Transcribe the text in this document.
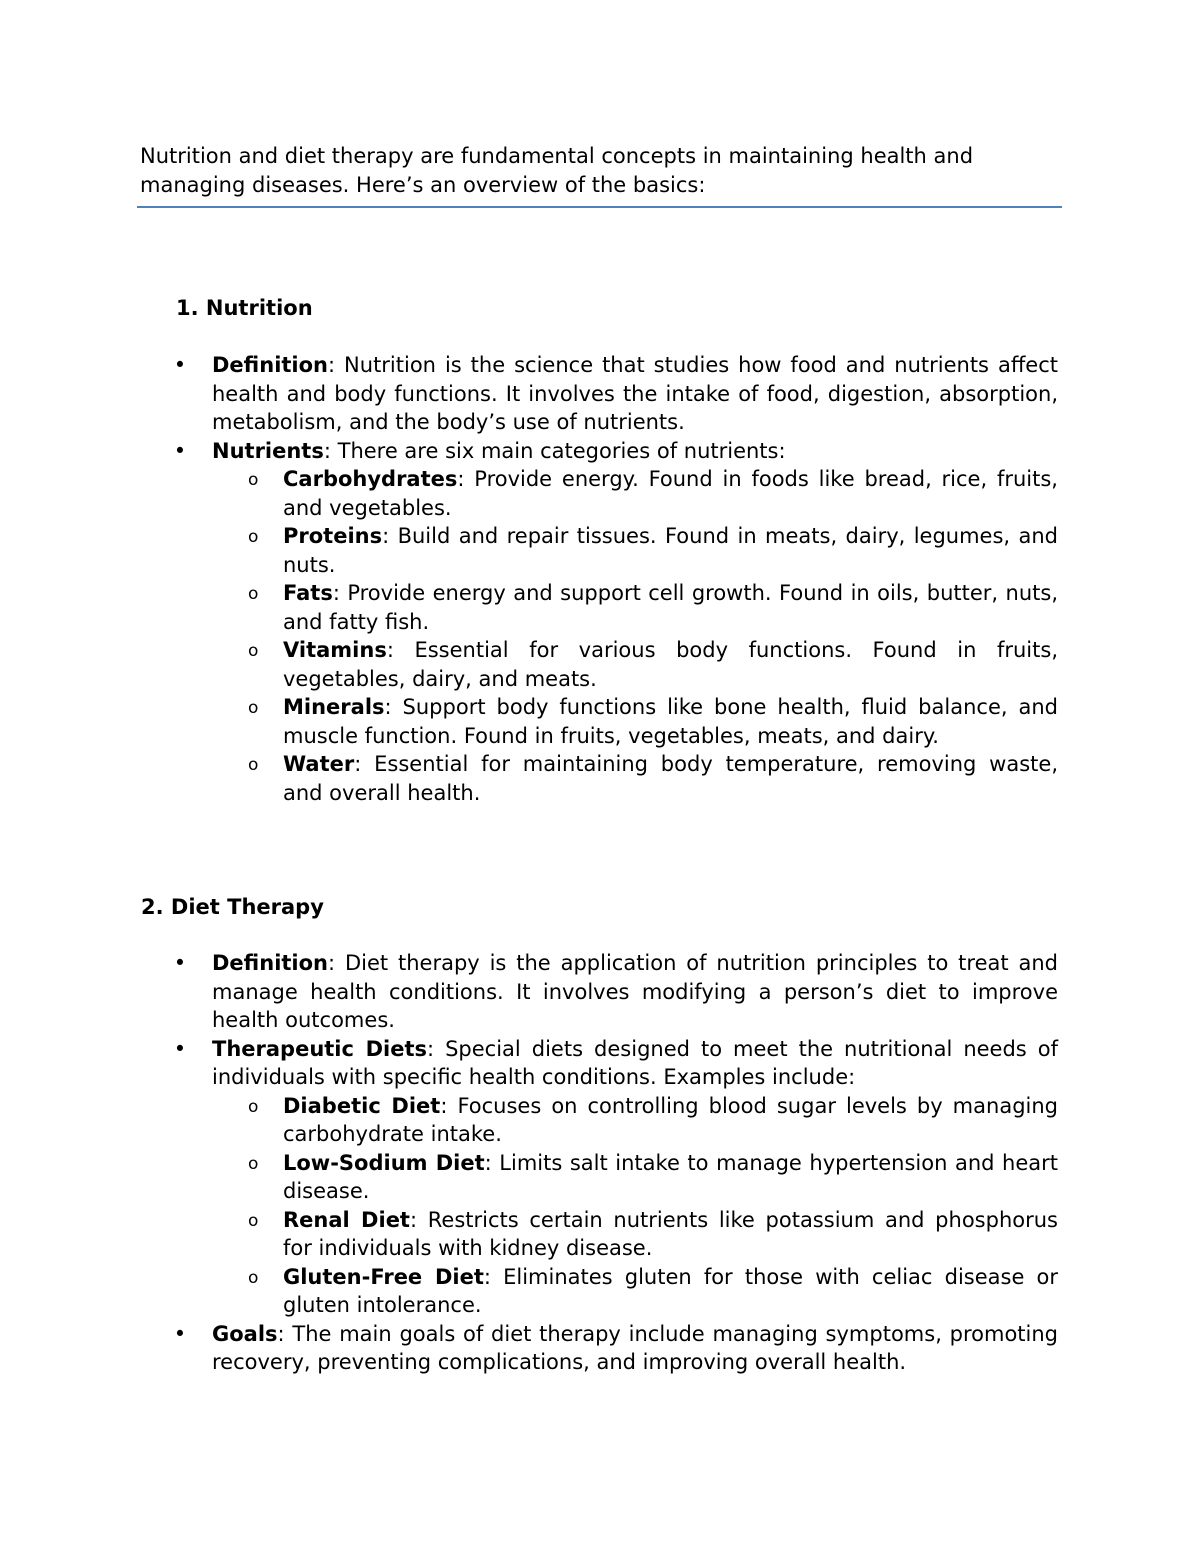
Nutrition and diet therapy are fundamental concepts in maintaining health and managing diseases. Here’s an overview of the basics:

1. Nutrition
• Definition: Nutrition is the science that studies how food and nutrients affect health and body functions. It involves the intake of food, digestion, absorption, metabolism, and the body’s use of nutrients.
• Nutrients: There are six main categories of nutrients:
o Carbohydrates: Provide energy. Found in foods like bread, rice, fruits, and vegetables.
o Proteins: Build and repair tissues. Found in meats, dairy, legumes, and nuts.
o Fats: Provide energy and support cell growth. Found in oils, butter, nuts, and fatty fish.
o Vitamins: Essential for various body functions. Found in fruits, vegetables, dairy, and meats.
o Minerals: Support body functions like bone health, fluid balance, and muscle function. Found in fruits, vegetables, meats, and dairy.
o Water: Essential for maintaining body temperature, removing waste, and overall health.
2. Diet Therapy
• Definition: Diet therapy is the application of nutrition principles to treat and manage health conditions. It involves modifying a person’s diet to improve health outcomes.
• Therapeutic Diets: Special diets designed to meet the nutritional needs of individuals with specific health conditions. Examples include:
o Diabetic Diet: Focuses on controlling blood sugar levels by managing carbohydrate intake.
o Low-Sodium Diet: Limits salt intake to manage hypertension and heart disease.
o Renal Diet: Restricts certain nutrients like potassium and phosphorus for individuals with kidney disease.
o Gluten-Free Diet: Eliminates gluten for those with celiac disease or gluten intolerance.
• Goals: The main goals of diet therapy include managing symptoms, promoting recovery, preventing complications, and improving overall health.
